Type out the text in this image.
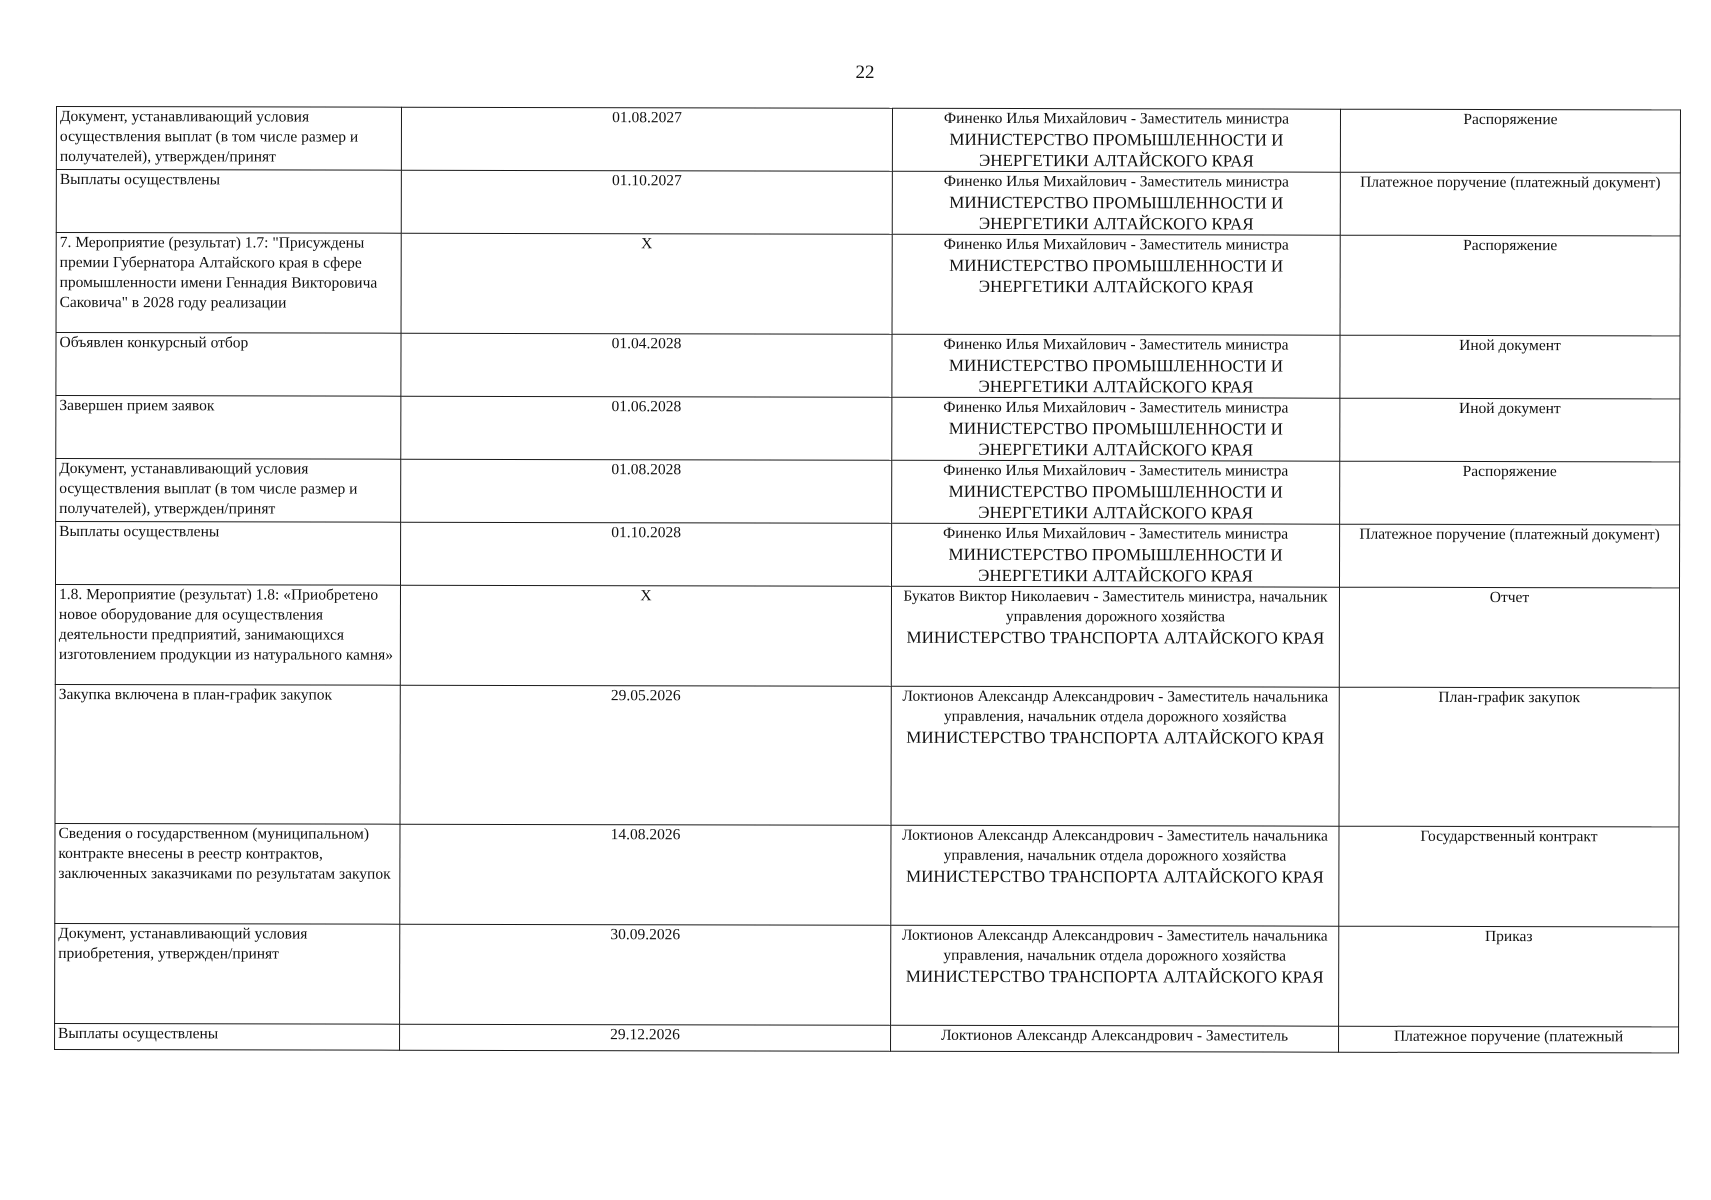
22
Документ, устанавливающий условия осуществления выплат (в том числе размер и получателей), утвержден/принят	01.08.2027	Финенко Илья Михайлович - Заместитель министра
МИНИСТЕРСТВО ПРОМЫШЛЕННОСТИ И ЭНЕРГЕТИКИ АЛТАЙСКОГО КРАЯ	Распоряжение
Выплаты осуществлены	01.10.2027	Финенко Илья Михайлович - Заместитель министра
МИНИСТЕРСТВО ПРОМЫШЛЕННОСТИ И ЭНЕРГЕТИКИ АЛТАЙСКОГО КРАЯ	Платежное поручение (платежный документ)
7. Мероприятие (результат) 1.7: "Присуждены премии Губернатора Алтайского края в сфере промышленности имени Геннадия Викторовича Саковича" в 2028 году реализации	X	Финенко Илья Михайлович - Заместитель министра
МИНИСТЕРСТВО ПРОМЫШЛЕННОСТИ И ЭНЕРГЕТИКИ АЛТАЙСКОГО КРАЯ	Распоряжение
Объявлен конкурсный отбор	01.04.2028	Финенко Илья Михайлович - Заместитель министра
МИНИСТЕРСТВО ПРОМЫШЛЕННОСТИ И ЭНЕРГЕТИКИ АЛТАЙСКОГО КРАЯ	Иной документ
Завершен прием заявок	01.06.2028	Финенко Илья Михайлович - Заместитель министра
МИНИСТЕРСТВО ПРОМЫШЛЕННОСТИ И ЭНЕРГЕТИКИ АЛТАЙСКОГО КРАЯ	Иной документ
Документ, устанавливающий условия осуществления выплат (в том числе размер и получателей), утвержден/принят	01.08.2028	Финенко Илья Михайлович - Заместитель министра
МИНИСТЕРСТВО ПРОМЫШЛЕННОСТИ И ЭНЕРГЕТИКИ АЛТАЙСКОГО КРАЯ	Распоряжение
Выплаты осуществлены	01.10.2028	Финенко Илья Михайлович - Заместитель министра
МИНИСТЕРСТВО ПРОМЫШЛЕННОСТИ И ЭНЕРГЕТИКИ АЛТАЙСКОГО КРАЯ	Платежное поручение (платежный документ)
1.8. Мероприятие (результат) 1.8: «Приобретено новое оборудование для осуществления деятельности предприятий, занимающихся изготовлением продукции из натурального камня»	X	Букатов Виктор Николаевич - Заместитель министра, начальник управления дорожного хозяйства
МИНИСТЕРСТВО ТРАНСПОРТА АЛТАЙСКОГО КРАЯ	Отчет
Закупка включена в план-график закупок	29.05.2026	Локтионов Александр Александрович - Заместитель начальника управления, начальник отдела дорожного хозяйства
МИНИСТЕРСТВО ТРАНСПОРТА АЛТАЙСКОГО КРАЯ	План-график закупок
Сведения о государственном (муниципальном) контракте внесены в реестр контрактов, заключенных заказчиками по результатам закупок	14.08.2026	Локтионов Александр Александрович - Заместитель начальника управления, начальник отдела дорожного хозяйства
МИНИСТЕРСТВО ТРАНСПОРТА АЛТАЙСКОГО КРАЯ	Государственный контракт
Документ, устанавливающий условия приобретения, утвержден/принят	30.09.2026	Локтионов Александр Александрович - Заместитель начальника управления, начальник отдела дорожного хозяйства
МИНИСТЕРСТВО ТРАНСПОРТА АЛТАЙСКОГО КРАЯ	Приказ
Выплаты осуществлены	29.12.2026	Локтионов Александр Александрович - Заместитель	Платежное поручение (платежный
